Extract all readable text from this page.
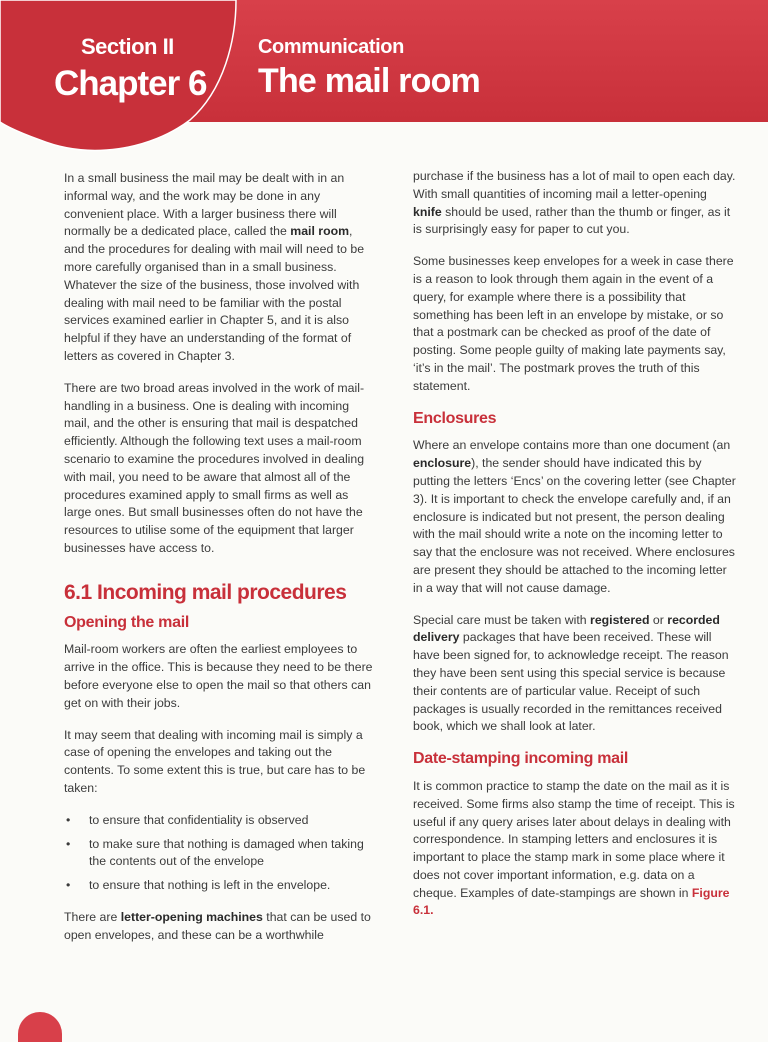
Section II
Chapter 6
Communication
The mail room

In a small business the mail may be dealt with in an informal way, and the work may be done in any convenient place. With a larger business there will normally be a dedicated place, called the mail room, and the procedures for dealing with mail will need to be more carefully organised than in a small business. Whatever the size of the business, those involved with dealing with mail need to be familiar with the postal services examined earlier in Chapter 5, and it is also helpful if they have an understanding of the format of letters as covered in Chapter 3.

There are two broad areas involved in the work of mail-handling in a business. One is dealing with incoming mail, and the other is ensuring that mail is despatched efficiently. Although the following text uses a mail-room scenario to examine the procedures involved in dealing with mail, you need to be aware that almost all of the procedures examined apply to small firms as well as large ones. But small businesses often do not have the resources to utilise some of the equipment that larger businesses have access to.

6.1 Incoming mail procedures
Opening the mail

Mail-room workers are often the earliest employees to arrive in the office. This is because they need to be there before everyone else to open the mail so that others can get on with their jobs.

It may seem that dealing with incoming mail is simply a case of opening the envelopes and taking out the contents. To some extent this is true, but care has to be taken:

• to ensure that confidentiality is observed
• to make sure that nothing is damaged when taking the contents out of the envelope
• to ensure that nothing is left in the envelope.

There are letter-opening machines that can be used to open envelopes, and these can be a worthwhile

purchase if the business has a lot of mail to open each day. With small quantities of incoming mail a letter-opening knife should be used, rather than the thumb or finger, as it is surprisingly easy for paper to cut you.

Some businesses keep envelopes for a week in case there is a reason to look through them again in the event of a query, for example where there is a possibility that something has been left in an envelope by mistake, or so that a postmark can be checked as proof of the date of posting. Some people guilty of making late payments say, ‘it’s in the mail’. The postmark proves the truth of this statement.

Enclosures

Where an envelope contains more than one document (an enclosure), the sender should have indicated this by putting the letters ‘Encs’ on the covering letter (see Chapter 3). It is important to check the envelope carefully and, if an enclosure is indicated but not present, the person dealing with the mail should write a note on the incoming letter to say that the enclosure was not received. Where enclosures are present they should be attached to the incoming letter in a way that will not cause damage.

Special care must be taken with registered or recorded delivery packages that have been received. These will have been signed for, to acknowledge receipt. The reason they have been sent using this special service is because their contents are of particular value. Receipt of such packages is usually recorded in the remittances received book, which we shall look at later.

Date-stamping incoming mail

It is common practice to stamp the date on the mail as it is received. Some firms also stamp the time of receipt. This is useful if any query arises later about delays in dealing with correspondence. In stamping letters and enclosures it is important to place the stamp mark in some place where it does not cover important information, e.g. data on a cheque. Examples of date-stampings are shown in Figure 6.1.
